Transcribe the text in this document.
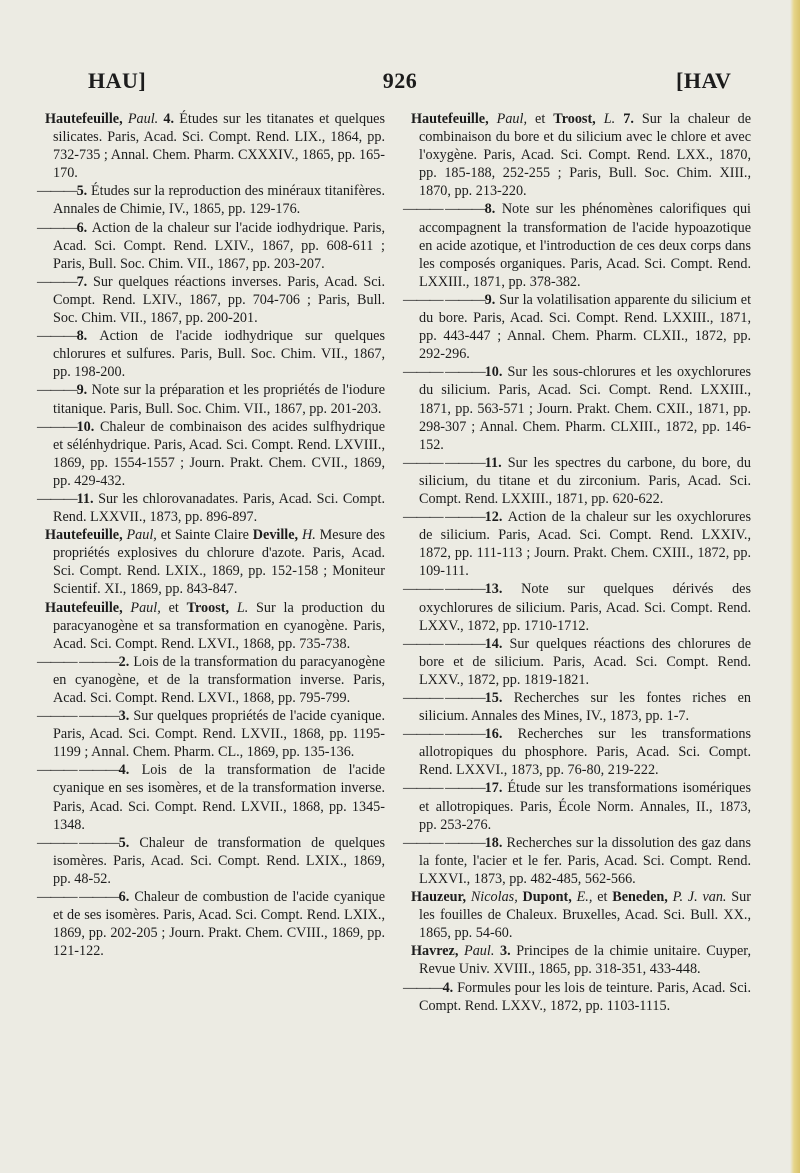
HAU]	926	[HAV

Hautefeuille, Paul. 4. Études sur les titanates et quelques silicates. Paris, Acad. Sci. Compt. Rend. LIX., 1864, pp. 732-735 ; Annal. Chem. Pharm. CXXXIV., 1865, pp. 165-170.

———5. Études sur la reproduction des minéraux titanifères. Annales de Chimie, IV., 1865, pp. 129-176.

———6. Action de la chaleur sur l'acide iodhydrique. Paris, Acad. Sci. Compt. Rend. LXIV., 1867, pp. 608-611 ; Paris, Bull. Soc. Chim. VII., 1867, pp. 203-207.

———7. Sur quelques réactions inverses. Paris, Acad. Sci. Compt. Rend. LXIV., 1867, pp. 704-706 ; Paris, Bull. Soc. Chim. VII., 1867, pp. 200-201.

———8. Action de l'acide iodhydrique sur quelques chlorures et sulfures. Paris, Bull. Soc. Chim. VII., 1867, pp. 198-200.

———9. Note sur la préparation et les propriétés de l'iodure titanique. Paris, Bull. Soc. Chim. VII., 1867, pp. 201-203.

———10. Chaleur de combinaison des acides sulfhydrique et sélénhydrique. Paris, Acad. Sci. Compt. Rend. LXVIII., 1869, pp. 1554-1557 ; Journ. Prakt. Chem. CVII., 1869, pp. 429-432.

———11. Sur les chlorovanadates. Paris, Acad. Sci. Compt. Rend. LXXVII., 1873, pp. 896-897.

Hautefeuille, Paul, et Sainte Claire Deville, H. Mesure des propriétés explosives du chlorure d'azote. Paris, Acad. Sci. Compt. Rend. LXIX., 1869, pp. 152-158 ; Moniteur Scientif. XI., 1869, pp. 843-847.

Hautefeuille, Paul, et Troost, L. Sur la production du paracyanogène et sa transformation en cyanogène. Paris, Acad. Sci. Compt. Rend. LXVI., 1868, pp. 735-738.

——— ———2. Lois de la transformation du paracyanogène en cyanogène, et de la transformation inverse. Paris, Acad. Sci. Compt. Rend. LXVI., 1868, pp. 795-799.

——— ———3. Sur quelques propriétés de l'acide cyanique. Paris, Acad. Sci. Compt. Rend. LXVII., 1868, pp. 1195-1199 ; Annal. Chem. Pharm. CL., 1869, pp. 135-136.

——— ———4. Lois de la transformation de l'acide cyanique en ses isomères, et de la transformation inverse. Paris, Acad. Sci. Compt. Rend. LXVII., 1868, pp. 1345-1348.

——— ———5. Chaleur de transformation de quelques isomères. Paris, Acad. Sci. Compt. Rend. LXIX., 1869, pp. 48-52.

——— ———6. Chaleur de combustion de l'acide cyanique et de ses isomères. Paris, Acad. Sci. Compt. Rend. LXIX., 1869, pp. 202-205 ; Journ. Prakt. Chem. CVIII., 1869, pp. 121-122.

Hautefeuille, Paul, et Troost, L. 7. Sur la chaleur de combinaison du bore et du silicium avec le chlore et avec l'oxygène. Paris, Acad. Sci. Compt. Rend. LXX., 1870, pp. 185-188, 252-255 ; Paris, Bull. Soc. Chim. XIII., 1870, pp. 213-220.

——— ———8. Note sur les phénomènes calorifiques qui accompagnent la transformation de l'acide hypoazotique en acide azotique, et l'introduction de ces deux corps dans les composés organiques. Paris, Acad. Sci. Compt. Rend. LXXIII., 1871, pp. 378-382.

——— ———9. Sur la volatilisation apparente du silicium et du bore. Paris, Acad. Sci. Compt. Rend. LXXIII., 1871, pp. 443-447 ; Annal. Chem. Pharm. CLXII., 1872, pp. 292-296.

——— ———10. Sur les sous-chlorures et les oxychlorures du silicium. Paris, Acad. Sci. Compt. Rend. LXXIII., 1871, pp. 563-571 ; Journ. Prakt. Chem. CXII., 1871, pp. 298-307 ; Annal. Chem. Pharm. CLXIII., 1872, pp. 146-152.

——— ———11. Sur les spectres du carbone, du bore, du silicium, du titane et du zirconium. Paris, Acad. Sci. Compt. Rend. LXXIII., 1871, pp. 620-622.

——— ———12. Action de la chaleur sur les oxychlorures de silicium. Paris, Acad. Sci. Compt. Rend. LXXIV., 1872, pp. 111-113 ; Journ. Prakt. Chem. CXIII., 1872, pp. 109-111.

——— ———13. Note sur quelques dérivés des oxychlorures de silicium. Paris, Acad. Sci. Compt. Rend. LXXV., 1872, pp. 1710-1712.

——— ———14. Sur quelques réactions des chlorures de bore et de silicium. Paris, Acad. Sci. Compt. Rend. LXXV., 1872, pp. 1819-1821.

——— ———15. Recherches sur les fontes riches en silicium. Annales des Mines, IV., 1873, pp. 1-7.

——— ———16. Recherches sur les transformations allotropiques du phosphore. Paris, Acad. Sci. Compt. Rend. LXXVI., 1873, pp. 76-80, 219-222.

——— ———17. Étude sur les transformations isomériques et allotropiques. Paris, École Norm. Annales, II., 1873, pp. 253-276.

——— ———18. Recherches sur la dissolution des gaz dans la fonte, l'acier et le fer. Paris, Acad. Sci. Compt. Rend. LXXVI., 1873, pp. 482-485, 562-566.

Hauzeur, Nicolas, Dupont, E., et Beneden, P. J. van. Sur les fouilles de Chaleux. Bruxelles, Acad. Sci. Bull. XX., 1865, pp. 54-60.

Havrez, Paul. 3. Principes de la chimie unitaire. Cuyper, Revue Univ. XVIII., 1865, pp. 318-351, 433-448.

———4. Formules pour les lois de teinture. Paris, Acad. Sci. Compt. Rend. LXXV., 1872, pp. 1103-1115.
